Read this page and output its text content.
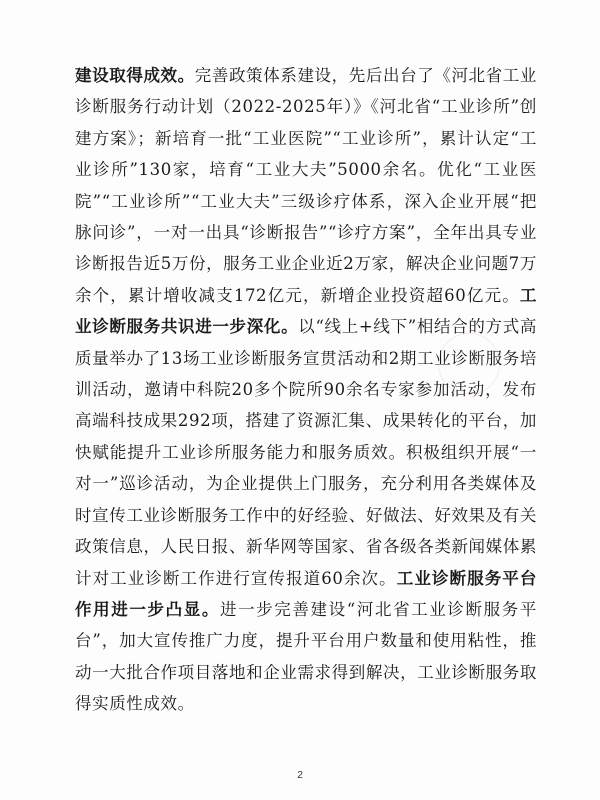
建设取得成效。完善政策体系建设，先后出台了《河北省工业诊断服务行动计划（2022-2025年）》《河北省“工业诊所”创建方案》；新培育一批“工业医院”“工业诊所”，累计认定“工业诊所”130家，培育“工业大夫”5000余名。优化“工业医院”“工业诊所”“工业大夫”三级诊疗体系，深入企业开展“把脉问诊”，一对一出具“诊断报告”“诊疗方案”，全年出具专业诊断报告近5万份，服务工业企业近2万家，解决企业问题7万余个，累计增收减支172亿元，新增企业投资超60亿元。工业诊断服务共识进一步深化。以“线上+线下”相结合的方式高质量举办了13场工业诊断服务宣贯活动和2期工业诊断服务培训活动，邀请中科院20多个院所90余名专家参加活动，发布高端科技成果292项，搭建了资源汇集、成果转化的平台，加快赋能提升工业诊所服务能力和服务质效。积极组织开展“一对一”巡诊活动，为企业提供上门服务，充分利用各类媒体及时宣传工业诊断服务工作中的好经验、好做法、好效果及有关政策信息，人民日报、新华网等国家、省各级各类新闻媒体累计对工业诊断工作进行宣传报道60余次。工业诊断服务平台作用进一步凸显。进一步完善建设“河北省工业诊断服务平台”，加大宣传推广力度，提升平台用户数量和使用粘性，推动一大批合作项目落地和企业需求得到解决，工业诊断服务取得实质性成效。

2
